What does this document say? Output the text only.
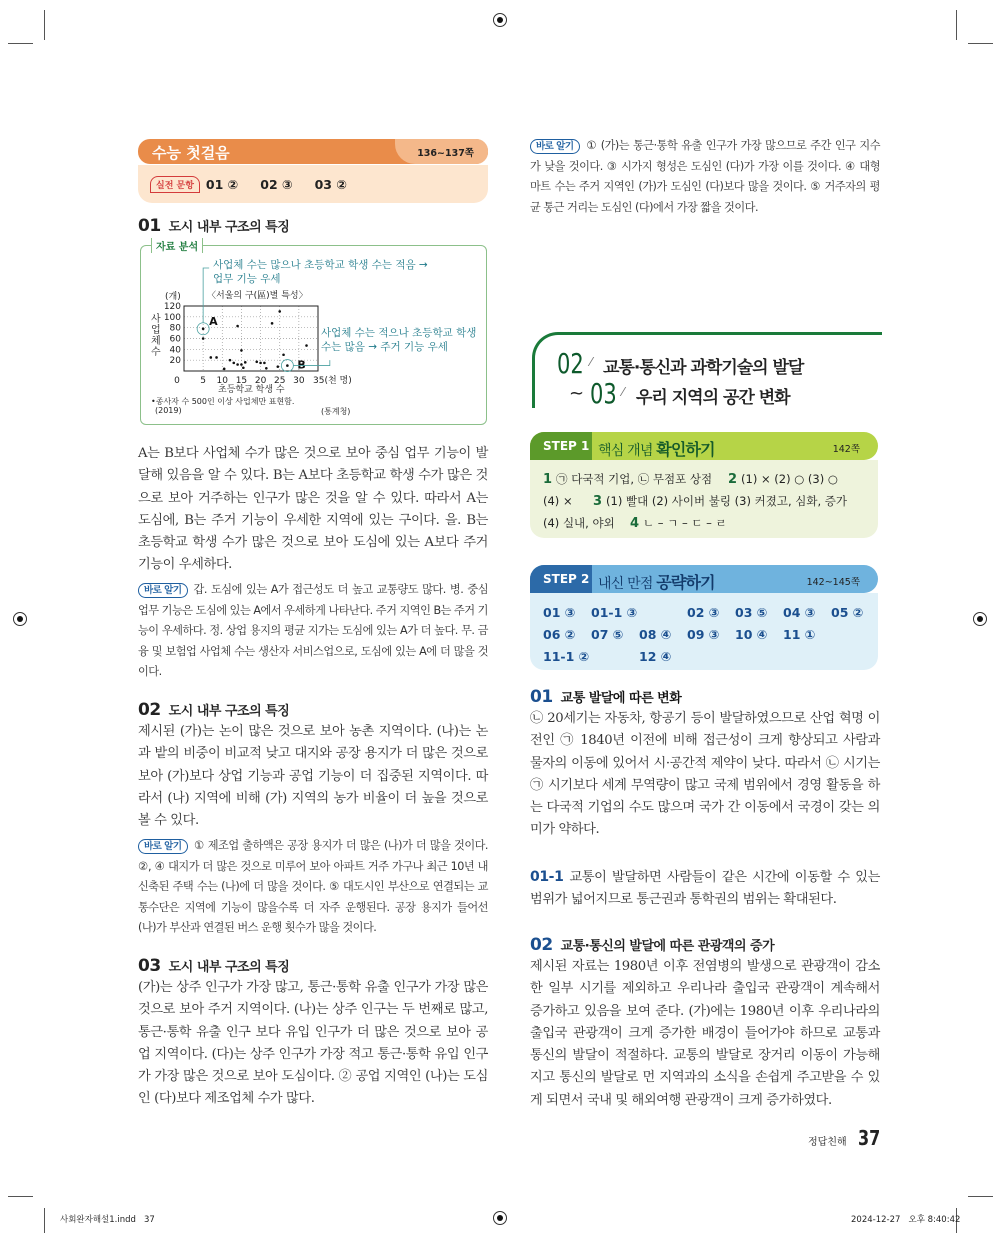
수능 첫걸음	136~137쪽
실전 문항 01 ② 02 ③ 03 ②
01 도시 내부 구조의 특징
자료 분석
0 5 10 15 20 25 30 35(천 명)
120
100
80
60
40
20
A
B
사업체 수는 많으나 초등학교 학생 수는 적음 → 업무 기능 우세
사업체 수는 적으나 초등학교 학생 수는 많음 → 주거 기능 우세
〈서울의 구(區)별 특성〉
(개)
초등학교 학생 수
사업체 수
•종사자 수 500인 이상 사업체만 표현함.
(2019)	(통계청)

A는 B보다 사업체 수가 많은 것으로 보아 중심 업무 기능이 발달해 있음을 알 수 있다. B는 A보다 초등학교 학생 수가 많은 것으로 보아 거주하는 인구가 많은 것을 알 수 있다. 따라서 A는 도심에, B는 주거 기능이 우세한 지역에 있는 구이다. 을. B는 초등학교 학생 수가 많은 것으로 보아 도심에 있는 A보다 주거 기능이 우세하다.

바로 알기 갑. 도심에 있는 A가 접근성도 더 높고 교통량도 많다. 병. 중심 업무 기능은 도심에 있는 A에서 우세하게 나타난다. 주거 지역인 B는 주거 기능이 우세하다. 정. 상업 용지의 평균 지가는 도심에 있는 A가 더 높다. 무. 금융 및 보험업 사업체 수는 생산자 서비스업으로, 도심에 있는 A에 더 많을 것이다.

02 도시 내부 구조의 특징

제시된 (가)는 논이 많은 것으로 보아 농촌 지역이다. (나)는 논과 밭의 비중이 비교적 낮고 대지와 공장 용지가 더 많은 것으로 보아 (가)보다 상업 기능과 공업 기능이 더 집중된 지역이다. 따라서 (나) 지역에 비해 (가) 지역의 농가 비율이 더 높을 것으로 볼 수 있다.

바로 알기 ① 제조업 출하액은 공장 용지가 더 많은 (나)가 더 많을 것이다. ②, ④ 대지가 더 많은 것으로 미루어 보아 아파트 거주 가구나 최근 10년 내 신축된 주택 수는 (나)에 더 많을 것이다. ⑤ 대도시인 부산으로 연결되는 교통수단은 지역에 기능이 많을수록 더 자주 운행된다. 공장 용지가 들어선 (나)가 부산과 연결된 버스 운행 횟수가 많을 것이다.

03 도시 내부 구조의 특징

(가)는 상주 인구가 가장 많고, 통근·통학 유출 인구가 가장 많은 것으로 보아 주거 지역이다. (나)는 상주 인구는 두 번째로 많고, 통근·통학 유출 인구 보다 유입 인구가 더 많은 것으로 보아 공업 지역이다. (다)는 상주 인구가 가장 적고 통근·통학 유입 인구가 가장 많은 것으로 보아 도심이다. ② 공업 지역인 (나)는 도심인 (다)보다 제조업체 수가 많다.

바로 알기 ① (가)는 통근·통학 유출 인구가 가장 많으므로 주간 인구 지수가 낮을 것이다. ③ 시가지 형성은 도심인 (다)가 가장 이를 것이다. ④ 대형 마트 수는 주거 지역인 (가)가 도심인 (다)보다 많을 것이다. ⑤ 거주자의 평균 통근 거리는 도심인 (다)에서 가장 짧을 것이다.

02 ⁄ 교통·통신과 과학기술의 발달
~ 03 ⁄ 우리 지역의 공간 변화
STEP 1 핵심 개념 확인하기	142쪽
1 ㉠ 다국적 기업, ㉡ 무점포 상점 2 (1) × (2) ○ (3) ○
(4) × 3 (1) 빨대 (2) 사이버 불링 (3) 커졌고, 심화, 증가
(4) 실내, 야외 4 ㄴ – ㄱ – ㄷ – ㄹ
STEP 2 내신 만점 공략하기	142~145쪽
01 ③ 01-1 ③	02 ③ 03 ⑤ 04 ③ 05 ②
06 ② 07 ⑤ 08 ④ 09 ③ 10 ④ 11 ①
11-1 ②	12 ④
01 교통 발달에 따른 변화

㉡ 20세기는 자동차, 항공기 등이 발달하였으므로 산업 혁명 이전인 ㉠ 1840년 이전에 비해 접근성이 크게 향상되고 사람과 물자의 이동에 있어서 시·공간적 제약이 낮다. 따라서 ㉡ 시기는 ㉠ 시기보다 세계 무역량이 많고 국제 범위에서 경영 활동을 하는 다국적 기업의 수도 많으며 국가 간 이동에서 국경이 갖는 의미가 약하다.

01-1 교통이 발달하면 사람들이 같은 시간에 이동할 수 있는 범위가 넓어지므로 통근권과 통학권의 범위는 확대된다.

02 교통·통신의 발달에 따른 관광객의 증가

제시된 자료는 1980년 이후 전염병의 발생으로 관광객이 감소한 일부 시기를 제외하고 우리나라 출입국 관광객이 계속해서 증가하고 있음을 보여 준다. (가)에는 1980년 이후 우리나라의 출입국 관광객이 크게 증가한 배경이 들어가야 하므로 교통과 통신의 발달이 적절하다. 교통의 발달로 장거리 이동이 가능해지고 통신의 발달로 먼 지역과의 소식을 손쉽게 주고받을 수 있게 되면서 국내 및 해외여행 관광객이 크게 증가하였다.

정답친해 37
사회완자해설1.indd   37	2024-12-27   오후 8:40:42
